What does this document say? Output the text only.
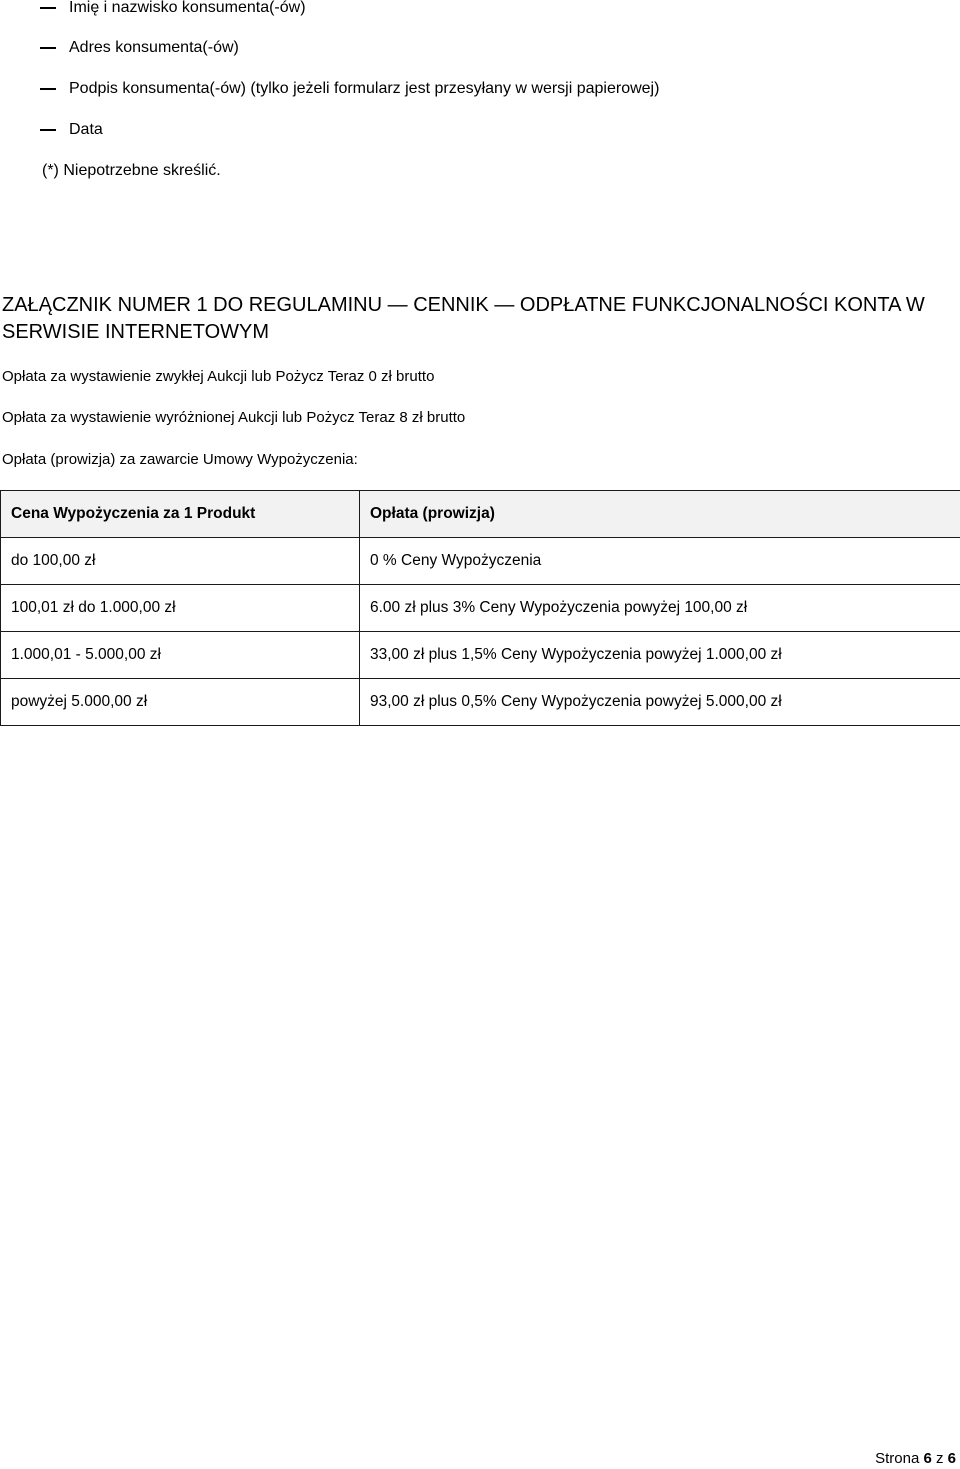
Imię i nazwisko konsumenta(-ów)
Adres konsumenta(-ów)
Podpis konsumenta(-ów) (tylko jeżeli formularz jest przesyłany w wersji papierowej)
Data
(*) Niepotrzebne skreślić.
ZAŁĄCZNIK NUMER 1 DO REGULAMINU — CENNIK — ODPŁATNE FUNKCJONALNOŚCI KONTA W SERWISIE INTERNETOWYM
Opłata za wystawienie zwykłej Aukcji lub Pożycz Teraz 0 zł brutto
Opłata za wystawienie wyróżnionej Aukcji lub Pożycz Teraz 8 zł brutto
Opłata (prowizja) za zawarcie Umowy Wypożyczenia:
Cena Wypożyczenia za 1 Produkt	Opłata (prowizja)
do 100,00 zł	0 % Ceny Wypożyczenia
100,01 zł do 1.000,00 zł	6.00 zł plus 3% Ceny Wypożyczenia powyżej 100,00 zł
1.000,01 - 5.000,00 zł	33,00 zł plus 1,5% Ceny Wypożyczenia powyżej 1.000,00 zł
powyżej 5.000,00 zł	93,00 zł plus 0,5% Ceny Wypożyczenia powyżej 5.000,00 zł
Strona 6 z 6
